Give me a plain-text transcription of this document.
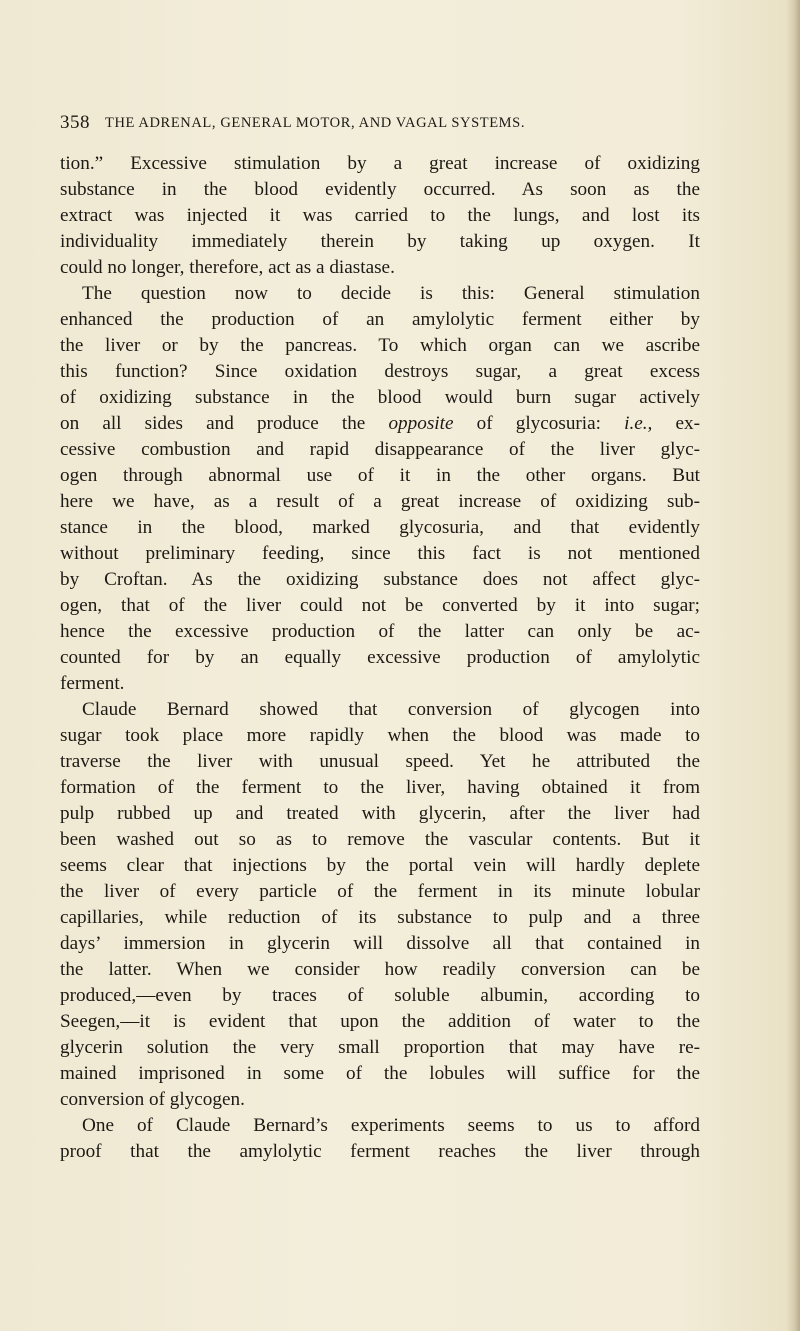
358 THE ADRENAL, GENERAL MOTOR, AND VAGAL SYSTEMS.
tion.” Excessive stimulation by a great increase of oxidizing
substance in the blood evidently occurred. As soon as the
extract was injected it was carried to the lungs, and lost its
individuality immediately therein by taking up oxygen. It
could no longer, therefore, act as a diastase.
The question now to decide is this: General stimulation
enhanced the production of an amylolytic ferment either by
the liver or by the pancreas. To which organ can we ascribe
this function? Since oxidation destroys sugar, a great excess
of oxidizing substance in the blood would burn sugar actively
on all sides and produce the opposite of glycosuria: i.e., ex-
cessive combustion and rapid disappearance of the liver glyc-
ogen through abnormal use of it in the other organs. But
here we have, as a result of a great increase of oxidizing sub-
stance in the blood, marked glycosuria, and that evidently
without preliminary feeding, since this fact is not mentioned
by Croftan. As the oxidizing substance does not affect glyc-
ogen, that of the liver could not be converted by it into sugar;
hence the excessive production of the latter can only be ac-
counted for by an equally excessive production of amylolytic
ferment.
Claude Bernard showed that conversion of glycogen into
sugar took place more rapidly when the blood was made to
traverse the liver with unusual speed. Yet he attributed the
formation of the ferment to the liver, having obtained it from
pulp rubbed up and treated with glycerin, after the liver had
been washed out so as to remove the vascular contents. But it
seems clear that injections by the portal vein will hardly deplete
the liver of every particle of the ferment in its minute lobular
capillaries, while reduction of its substance to pulp and a three
days’ immersion in glycerin will dissolve all that contained in
the latter. When we consider how readily conversion can be
produced,—even by traces of soluble albumin, according to
Seegen,—it is evident that upon the addition of water to the
glycerin solution the very small proportion that may have re-
mained imprisoned in some of the lobules will suffice for the
conversion of glycogen.
One of Claude Bernard’s experiments seems to us to afford
proof that the amylolytic ferment reaches the liver through
